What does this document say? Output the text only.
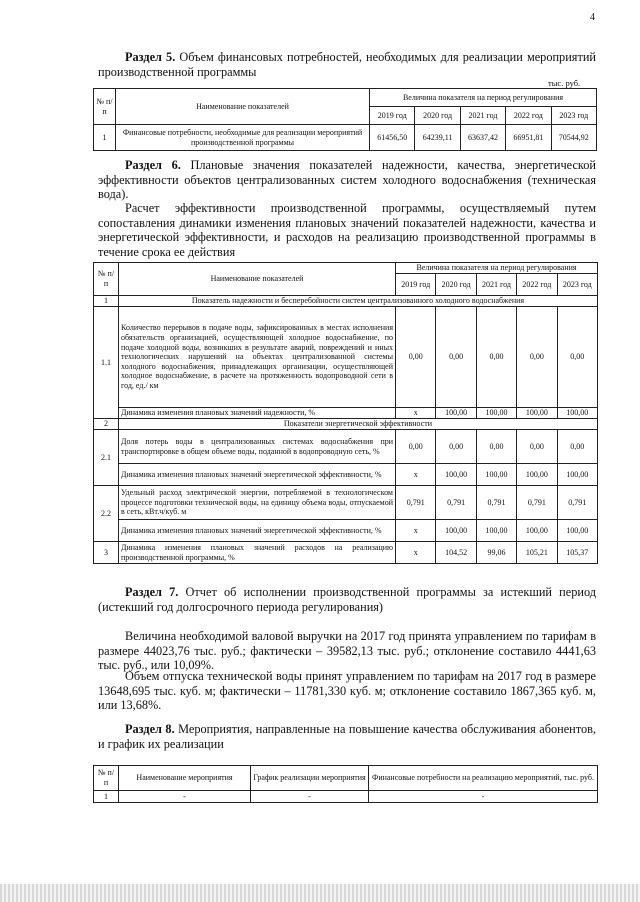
4

Раздел 5. Объем финансовых потребностей, необходимых для реализации мероприятий производственной программы

тыс. руб.
№ п/ п	Наименование показателей	Величина показателя на период регулирования				
		2019 год	2020 год	2021 год	2022 год	2023 год
1	Финансовые потребности, необходимые для реализации мероприятий производственной программы	61456,50	64239,11	63637,42	66951,81	70544,92

Раздел 6. Плановые значения показателей надежности, качества, энергетической эффективности объектов централизованных систем холодного водоснабжения (техническая вода).

Расчет эффективности производственной программы, осуществляемый путем сопоставления динамики изменения плановых значений показателей надежности, качества и энергетической эффективности, и расходов на реализацию производственной программы в течение срока ее действия

№ п/ п	Наименование показателей	Величина показателя на период регулирования				
		2019 год	2020 год	2021 год	2022 год	2023 год
1	Показатель надежности и бесперебойности систем централизованного холодного водоснабжения					
1.1	Количество перерывов в подаче воды, зафиксированных в местах исполнения обязательств организацией, осуществляющей холодное водоснабжение, по подаче холодной воды, возникших в результате аварий, повреждений и иных технологических нарушений на объектах централизованной системы холодного водоснабжения, принадлежащих организации, осуществляющей холодное водоснабжение, в расчете на протяженность водопроводной сети в год, ед./ км	0,00	0,00	0,00	0,00	0,00
	Динамика изменения плановых значений надежности, %	х	100,00	100,00	100,00	100,00
2	Показатели энергетической эффективности					
2.1	Доля потерь воды в централизованных системах водоснабжения при транспортировке в общем объеме воды, поданной в водопроводную сеть, %	0,00	0,00	0,00	0,00	0,00
	Динамика изменения плановых значений энергетической эффективности, %	х	100,00	100,00	100,00	100,00
2.2	Удельный расход электрической энергии, потребляемой в технологическом процессе подготовки технической воды, на единицу объема воды, отпускаемой в сеть, кВт.ч/куб. м	0,791	0,791	0,791	0,791	0,791
	Динамика изменения плановых значений энергетической эффективности, %	х	100,00	100,00	100,00	100,00
3	Динамика изменения плановых значений расходов на реализацию производственной программы, %	х	104,52	99,06	105,21	105,37

Раздел 7. Отчет об исполнении производственной программы за истекший период (истекший год долгосрочного периода регулирования)

Величина необходимой валовой выручки на 2017 год принята управлением по тарифам в размере 44023,76 тыс. руб.; фактически – 39582,13 тыс. руб.; отклонение составило 4441,63 тыс. руб., или 10,09%.

Объем отпуска технической воды принят управлением по тарифам на 2017 год в размере 13648,695 тыс. куб. м; фактически – 11781,330 куб. м; отклонение составило 1867,365 куб. м, или 13,68%.

Раздел 8. Мероприятия, направленные на повышение качества обслуживания абонентов, и график их реализации

№ п/п	Наименование мероприятия	График реализации мероприятия	Финансовые потребности на реализацию мероприятий, тыс. руб.
1	-	-	-
